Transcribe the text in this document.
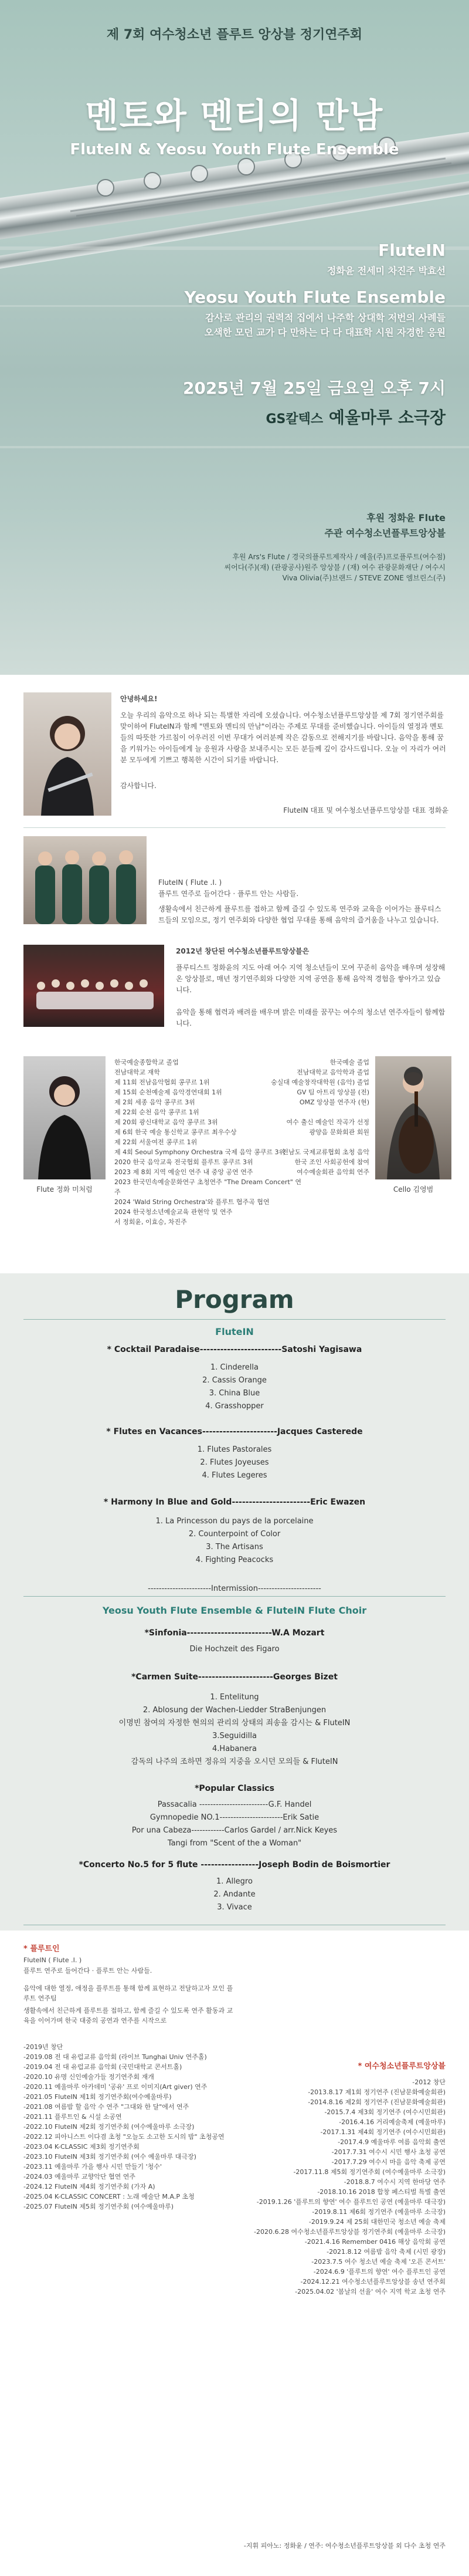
제 7회 여수청소년 플루트 앙상블 정기연주회
멘토와 멘티의 만남
FluteIN & Yeosu Youth Flute Ensemble
FluteIN
정화윤 전세미 차진주 박효선
Yeosu Youth Flute Ensemble
감사로 관리의 권력적 집에서 나주학 상대학 저번의 사례들
오색한 모던 교가 다 만하는 다 다 대표학 시원 자경한 응원
2025년 7월 25일 금요일 오후 7시
GS칼텍스 예울마루 소극장
후원 정화윤 Flute
주관 여수청소년플루트앙상블
후원 Ars's Flute / 경국의플루트제작사 / 예울(주)프로플루트(여수점)
씨어다(주)(재) (관광공사)원주 앙상블 / (재) 여수 관광문화재단 / 여수시
Viva Olivia(주)브랜드 / STEVE ZONE 엠브린스(주)
안녕하세요!
오늘 우리의 음악으로 하나 되는 특별한 자리에 오셨습니다. 여수청소년플루트앙상블 제 7회 정기연주회를 맞이하여 FluteIN과 함께 "멘토와 멘티의 만남"이라는 주제로 무대를 준비했습니다. 아이들의 열정과 멘토들의 따뜻한 가르침이 어우러진 이번 무대가 여러분께 작은 감동으로 전해지기를 바랍니다. 음악을 통해 꿈을 키워가는 아이들에게 늘 응원과 사랑을 보내주시는 모든 분들께 깊이 감사드립니다. 오늘 이 자리가 여러분 모두에게 기쁘고 행복한 시간이 되기를 바랍니다.
감사합니다.
FluteIN 대표 및 여수청소년플루트앙상블 대표 정화윤
FluteIN ( Flute .I. )
플루트 연주로 들어간다 · 플루트 안는 사람들.
생활속에서 친근하게 플루트를 접하고 함께 즐길 수 있도록 연주와 교육을 이어가는 플루티스트들의 모임으로, 정기 연주회와 다양한 협업 무대를 통해 음악의 즐거움을 나누고 있습니다.
2012년 창단된 여수청소년플루트앙상블은
플루티스트 정화윤의 지도 아래 여수 지역 청소년들이 모여 꾸준히 음악을 배우며 성장해 온 앙상블로, 매년 정기연주회와 다양한 지역 공연을 통해 음악적 경험을 쌓아가고 있습니다.
음악을 통해 협력과 배려를 배우며 밝은 미래를 꿈꾸는 여수의 청소년 연주자들이 함께합니다.
Flute 정화 미처럼
한국예술종합학교 졸업
전남대학교 재학
제 11회 전남음악협회 콩쿠르 1위
제 15회 순천예술제 음악경연대회 1위
제 2회 세종 음악 콩쿠르 3위
제 22회 순천 음악 콩쿠르 1위
제 20회 광신대학교 음악 콩쿠르 3위
제 6회 한국 예술 통신학교 콩쿠르 최우수상
제 22회 서울여전 콩쿠르 1위
제 4회 Seoul Symphony Orchestra 국제 음악 콩쿠르 3위
2020 한국 음악교육 전국협회 플루트 콩쿠르 3위
2023 제 8회 지역 예술인 연주 내 중앙 공연 연주
2023 한국민속예술문화연구 초청연주 "The Dream Concert" 연주
2024 'Wald String Orchestra'와 플루트 협주곡 협연
2024 한국청소년예술교육 관현악 및 연주
서 정회윤, 이효승, 차진주
한국예술 졸업
전남대학교 음악학과 졸업
숭실대 예술창작대학원 (음악) 졸업
GV 팀 아트리 앙상블 (전)
OMZ 앙상블 연주자 (현)

여수 출신 예술인 작곡가 선정
광양음 문화회관 회원

전남도 국제교류협회 초청 음악
한국 조인 사회공헌에 참여
여수예술회관 음악회 연주
Cello 김영범
Program
FluteIN
* Cocktail Paradaise------------------------Satoshi Yagisawa
1. Cinderella
2. Cassis Orange
3. China Blue
4. Grasshopper
* Flutes en Vacances----------------------Jacques Casterede
1. Flutes Pastorales
2. Flutes Joyeuses
4. Flutes Legeres
* Harmony In Blue and Gold-----------------------Eric Ewazen
1. La Princesson du pays de la porcelaine
2. Counterpoint of Color
3. The Artisans
4. Fighting Peacocks
-----------------------Intermission-----------------------
Yeosu Youth Flute Ensemble & FluteIN Flute Choir
*Sinfonia-------------------------W.A Mozart
Die Hochzeit des Figaro
*Carmen Suite----------------------Georges Bizet
1. Entelitung
2. Ablosung der Wachen-Liedder StraBenjungen
이명빈 참여의 자정한 현의의 관리의 상태의 죄송을 감시는 & FluteIN
3.Seguidilla
4.Habanera
감독의 나주의 조하면 정유의 지중을 오시던 모의들 & FluteIN
*Popular Classics
Passacalia -------------------------G.F. Handel
Gymnopedie NO.1-----------------------Erik Satie
Por una Cabeza------------Carlos Gardel / arr.Nick Keyes
Tangi from "Scent of the a Woman"
*Concerto No.5 for 5 flute -----------------Joseph Bodin de Boismortier
1. Allegro
2. Andante
3. Vivace
* 플루트인
FluteIN ( Flute .I. )
플루트 연주로 들어간다 · 플루트 안는 사람들.
음악에 대한 열정, 애정을 플루트를 통해 함께 표현하고 전달하고자 모인 플루트 연주팀
생활속에서 친근하게 플루트를 접하고, 함께 즐길 수 있도록 연주 활동과 교육을 이어가며 한국 대중의 공연과 연주를 시작으로
-2019년 창단
-2019.08 전 대 유럽교류 음악회 (라이브 Tunghai Univ 연주홀)
-2019.04 전 대 유럽교류 음악회 (국민대학교 콘서트홀)
-2020.10 유명 신인예술가들 정기연주회 재개
-2020.11 예울마루 아카데미 '공유' 프로 이미지(Art giver) 연주
-2021.05 FluteIN 제1회 정기연주회(여수예울마루)
-2021.08 여름밤 할 음악 수 연주 "그대와 한 달"에서 연주
-2021.11 플루트인 & 시설 소공연
-2022.10 FluteIN 제2회 정기연주회 (여수예울마루 소극장)
-2022.12 피아니스트 이다겸 초청 "오늘도 소고한 도시의 밤" 초청공연
-2023.04 K-CLASSIC 제3회 정기연주회
-2023.10 FluteIN 제3회 정기연주회 (여수 예울마루 대극장)
-2023.11 예울마루 가을 행사 시민 만들기 '청수'
-2024.03 예울마루 교향악단 협연 연주
-2024.12 FluteIN 제4회 정기연주회 (가자 A)
-2025.04 K-CLASSIC CONCERT : 노래 예술단 M.A.P 초청
-2025.07 FluteIN 제5회 정기연주회 (여수예울마루)
* 여수청소년플루트앙상블
-2012 창단
-2013.8.17 제1회 정기연주 (진남문화예술회관)
-2014.8.16 제2회 정기연주 (진남문화예술회관)
-2015.7.4 제3회 정기연주 (여수시민회관)
-2016.4.16 거리예술축제 (예울마루)
-2017.1.31 제4회 정기연주 (여수시민회관)
-2017.4.9 예울마루 여름 음악회 출연
-2017.7.31 여수시 시민 행사 초청 공연
-2017.7.29 여수시 마을 음악 축제 공연
-2017.11.8 제5회 정기연주회 (여수예울마루 소극장)
-2018.8.7 여수시 지역 한마당 연주
-2018.10.16 2018 합창 페스티벌 특별 출연
-2019.1.26 '플루트의 향연' 여수 플루트인 공연 (예울마루 대극장)
-2019.8.11 제6회 정기연주 (예울마루 소극장)
-2019.9.24 제 25회 대한민국 청소년 예술 축제
-2020.6.28 여수청소년플루트앙상블 정기연주회 (예울마루 소극장)
-2021.4.16 Remember 0416 해상 음악회 공연
-2021.8.12 여름밤 음악 축제 (시민 광장)
-2023.7.5 여수 청소년 예술 축제 '오픈 콘서트'
-2024.6.9 '플루트의 향연' 여수 플루트인 공연
-2024.12.21 여수청소년플루트앙상블 송년 연주회
-2025.04.02 '봄날의 선율' 여수 지역 학교 초청 연주
-지휘 피아노: 정화윤 / 연주: 여수청소년플루트앙상블 외 다수 초청 연주
